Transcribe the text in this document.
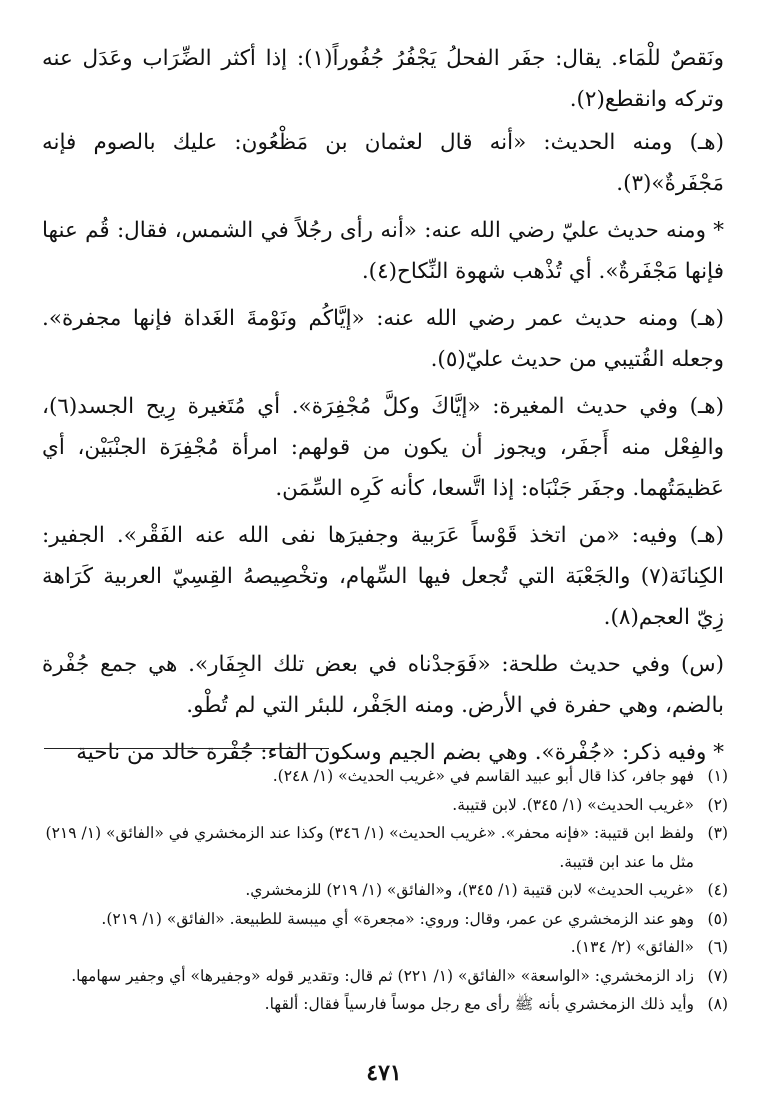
ونَقصٌ للْمَاء. يقال: جفَر الفحلُ يَجْفُرُ جُفُوراً(١): إذا أكثر الضِّرَاب وعَدَل عنه وتركه وانقطع(٢).

(هـ) ومنه الحديث: «أنه قال لعثمان بن مَظْعُون: عليك بالصوم فإنه مَجْفَرةٌ»(٣).

* ومنه حديث عليّ رضي الله عنه: «أنه رأى رجُلاً في الشمس، فقال: قُم عنها فإنها مَجْفَرةٌ». أي تُذْهب شهوة النِّكاح(٤).

(هـ) ومنه حديث عمر رضي الله عنه: «إيَّاكُم ونَوْمةَ الغَداة فإنها مجفرة». وجعله القُتيبي من حديث عليّ(٥).

(هـ) وفي حديث المغيرة: «إيَّاكَ وكلَّ مُجْفِرَة». أي مُتَغيرة رِيح الجسد(٦)، والفِعْل منه أَجفَر، ويجوز أن يكون من قولهم: امرأة مُجْفِرَة الجنْبَيْن، أي عَظيمَتُهما. وجفَر جَنْبَاه: إذا اتَّسعا، كأنه كَرِه السِّمَن.

(هـ) وفيه: «من اتخذ قَوْساً عَرَبية وجفيرَها نفى الله عنه الفَقْر». الجفير: الكِنانَة(٧) والجَعْبَة التي تُجعل فيها السِّهام، وتخْصِيصهُ القِسِيّ العربية كَرَاهة زِيّ العجم(٨).

(س) وفي حديث طلحة: «فَوَجدْناه في بعض تلك الجِفَار». هي جمع جُفْرة بالضم، وهي حفرة في الأرض. ومنه الجَفْر، للبئر التي لم تُطْو.

* وفيه ذكر: «جُفْرة». وهي بضم الجيم وسكون الفاء: جُفْرة خالد من ناحية

(١)
فهو جافر، كذا قال أبو عبيد القاسم في «غريب الحديث» (١/ ٢٤٨).
(٢)
«غريب الحديث» (١/ ٣٤٥). لابن قتيبة.
(٣)
ولفظ ابن قتيبة: «فإنه محفر». «غريب الحديث» (١/ ٣٤٦) وكذا عند الزمخشري في «الفائق» (١/ ٢١٩) مثل ما عند ابن قتيبة.
(٤)
«غريب الحديث» لابن قتيبة (١/ ٣٤٥)، و«الفائق» (١/ ٢١٩) للزمخشري.
(٥)
وهو عند الزمخشري عن عمر، وقال: وروي: «مجعرة» أي ميبسة للطبيعة. «الفائق» (١/ ٢١٩).
(٦)
«الفائق» (٢/ ١٣٤).
(٧)
زاد الزمخشري: «الواسعة» «الفائق» (١/ ٢٢١) ثم قال: وتقدير قوله «وجفيرها» أي وجفير سهامها.
(٨)
وأيد ذلك الزمخشري بأنه ﷺ رأى مع رجل موساً فارسياً فقال: ألقها.
٤٧١
